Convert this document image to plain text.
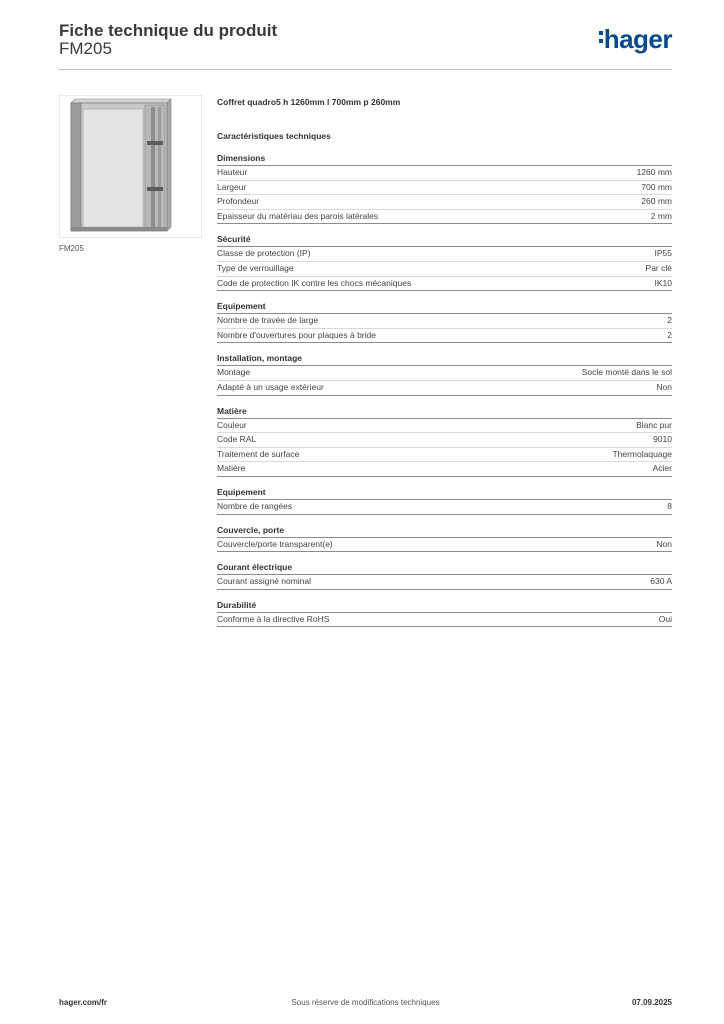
Fiche technique du produit
FM205	hager
FM205
Coffret quadro5 h 1260mm l 700mm p 260mm
Caractéristiques techniques
Dimensions
Hauteur	1260 mm
Largeur	700 mm
Profondeur	260 mm
Epaisseur du matériau des parois latérales	2 mm
Sécurité
Classe de protection (IP)	IP55
Type de verrouillage	Par clé
Code de protection IK contre les chocs mécaniques	IK10
Equipement
Nombre de travée de large	2
Nombre d'ouvertures pour plaques à bride	2
Installation, montage
Montage	Socle monté dans le sol
Adapté à un usage extérieur	Non
Matière
Couleur	Blanc pur
Code RAL	9010
Traitement de surface	Thermolaquage
Matière	Acier
Equipement
Nombre de rangées	8
Couvercle, porte
Couvercle/porte transparent(e)	Non
Courant électrique
Courant assigné nominal	630 A
Durabilité
Conforme à la directive RoHS	Oui
hager.com/fr	Sous réserve de modifications techniques	07.09.2025
